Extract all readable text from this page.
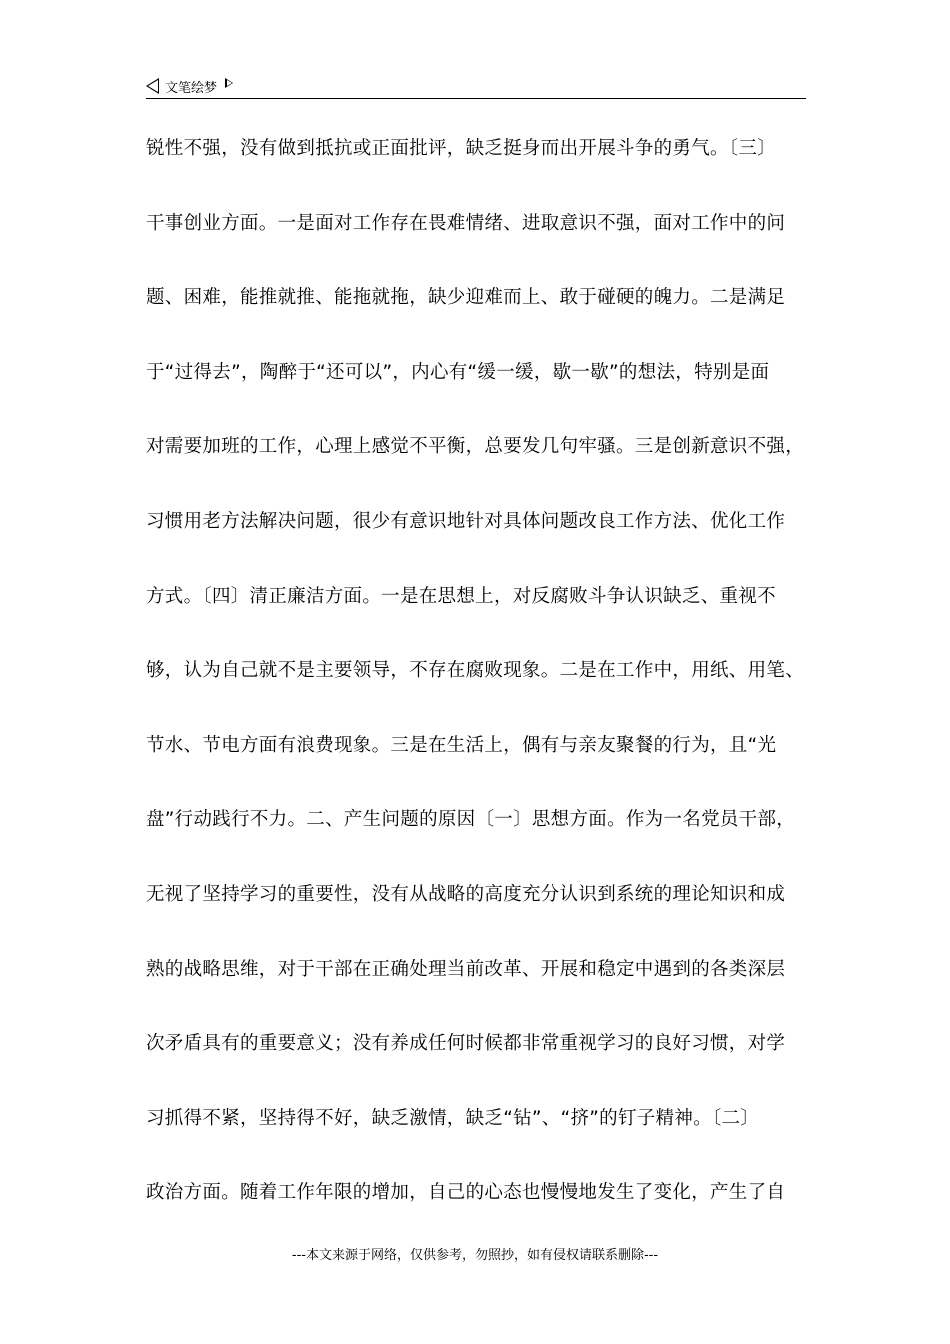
文笔绘梦
锐性不强，没有做到抵抗或正面批评，缺乏挺身而出开展斗争的勇气。〔三〕
干事创业方面。一是面对工作存在畏难情绪、进取意识不强，面对工作中的问
题、困难，能推就推、能拖就拖，缺少迎难而上、敢于碰硬的魄力。二是满足
于“过得去”，陶醉于“还可以”，内心有“缓一缓，歇一歇”的想法，特别是面
对需要加班的工作，心理上感觉不平衡，总要发几句牢骚。三是创新意识不强，
习惯用老方法解决问题，很少有意识地针对具体问题改良工作方法、优化工作
方式。〔四〕清正廉洁方面。一是在思想上，对反腐败斗争认识缺乏、重视不
够，认为自己就不是主要领导，不存在腐败现象。二是在工作中，用纸、用笔、
节水、节电方面有浪费现象。三是在生活上，偶有与亲友聚餐的行为，且“光
盘”行动践行不力。二、产生问题的原因〔一〕思想方面。作为一名党员干部，
无视了坚持学习的重要性，没有从战略的高度充分认识到系统的理论知识和成
熟的战略思维，对于干部在正确处理当前改革、开展和稳定中遇到的各类深层
次矛盾具有的重要意义；没有养成任何时候都非常重视学习的良好习惯，对学
习抓得不紧，坚持得不好，缺乏激情，缺乏“钻”、“挤”的钉子精神。〔二〕
政治方面。随着工作年限的增加，自己的心态也慢慢地发生了变化，产生了自
---本文来源于网络，仅供参考，勿照抄，如有侵权请联系删除---
